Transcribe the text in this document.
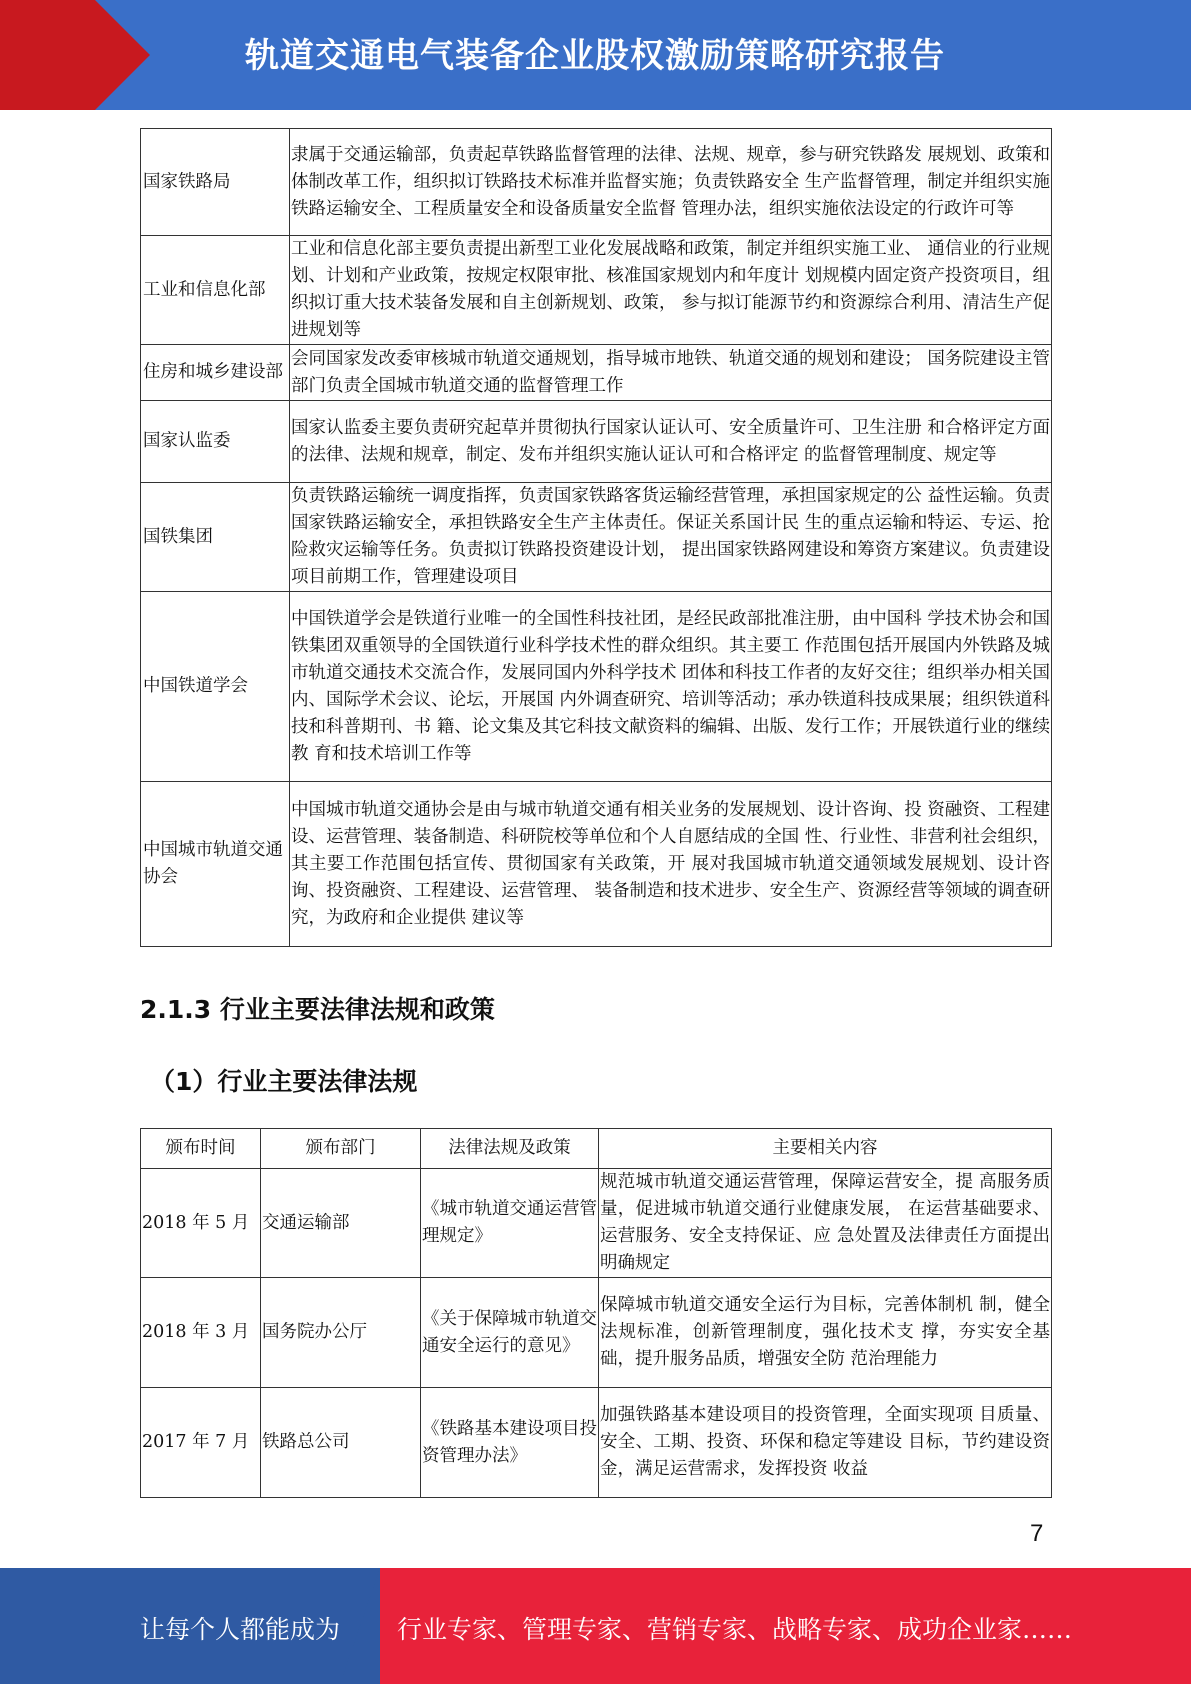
轨道交通电气装备企业股权激励策略研究报告
国家铁路局	隶属于交通运输部，负责起草铁路监督管理的法律、法规、规章，参与研究铁路发 展规划、政策和体制改革工作，组织拟订铁路技术标准并监督实施；负责铁路安全 生产监督管理，制定并组织实施铁路运输安全、工程质量安全和设备质量安全监督 管理办法，组织实施依法设定的行政许可等
工业和信息化部	工业和信息化部主要负责提出新型工业化发展战略和政策，制定并组织实施工业、 通信业的行业规划、计划和产业政策，按规定权限审批、核准国家规划内和年度计 划规模内固定资产投资项目，组织拟订重大技术装备发展和自主创新规划、政策， 参与拟订能源节约和资源综合利用、清洁生产促进规划等
住房和城乡建设部	会同国家发改委审核城市轨道交通规划，指导城市地铁、轨道交通的规划和建设； 国务院建设主管部门负责全国城市轨道交通的监督管理工作
国家认监委	国家认监委主要负责研究起草并贯彻执行国家认证认可、安全质量许可、卫生注册 和合格评定方面的法律、法规和规章，制定、发布并组织实施认证认可和合格评定 的监督管理制度、规定等
国铁集团	负责铁路运输统一调度指挥，负责国家铁路客货运输经营管理，承担国家规定的公 益性运输。负责国家铁路运输安全，承担铁路安全生产主体责任。保证关系国计民 生的重点运输和特运、专运、抢险救灾运输等任务。负责拟订铁路投资建设计划， 提出国家铁路网建设和筹资方案建议。负责建设项目前期工作，管理建设项目
中国铁道学会	中国铁道学会是铁道行业唯一的全国性科技社团，是经民政部批准注册，由中国科 学技术协会和国铁集团双重领导的全国铁道行业科学技术性的群众组织。其主要工 作范围包括开展国内外铁路及城市轨道交通技术交流合作，发展同国内外科学技术 团体和科技工作者的友好交往；组织举办相关国内、国际学术会议、论坛，开展国 内外调查研究、培训等活动；承办铁道科技成果展；组织铁道科技和科普期刊、书 籍、论文集及其它科技文献资料的编辑、出版、发行工作；开展铁道行业的继续教 育和技术培训工作等
中国城市轨道交通协会	中国城市轨道交通协会是由与城市轨道交通有相关业务的发展规划、设计咨询、投 资融资、工程建设、运营管理、装备制造、科研院校等单位和个人自愿结成的全国 性、行业性、非营利社会组织，其主要工作范围包括宣传、贯彻国家有关政策，开 展对我国城市轨道交通领域发展规划、设计咨询、投资融资、工程建设、运营管理、 装备制造和技术进步、安全生产、资源经营等领域的调查研究，为政府和企业提供 建议等
2.1.3 行业主要法律法规和政策
（1）行业主要法律法规
颁布时间	颁布部门	法律法规及政策	主要相关内容
2018 年 5 月	交通运输部	《城市轨道交通运营管理规定》	规范城市轨道交通运营管理，保障运营安全，提 高服务质量，促进城市轨道交通行业健康发展， 在运营基础要求、运营服务、安全支持保证、应 急处置及法律责任方面提出明确规定
2018 年 3 月	国务院办公厅	《关于保障城市轨道交通安全运行的意见》	保障城市轨道交通安全运行为目标，完善体制机 制，健全法规标准，创新管理制度，强化技术支 撑，夯实安全基础，提升服务品质，增强安全防 范治理能力
2017 年 7 月	铁路总公司	《铁路基本建设项目投资管理办法》	加强铁路基本建设项目的投资管理，全面实现项 目质量、安全、工期、投资、环保和稳定等建设 目标，节约建设资金，满足运营需求，发挥投资 收益
7
让每个人都能成为 行业专家、管理专家、营销专家、战略专家、成功企业家……
